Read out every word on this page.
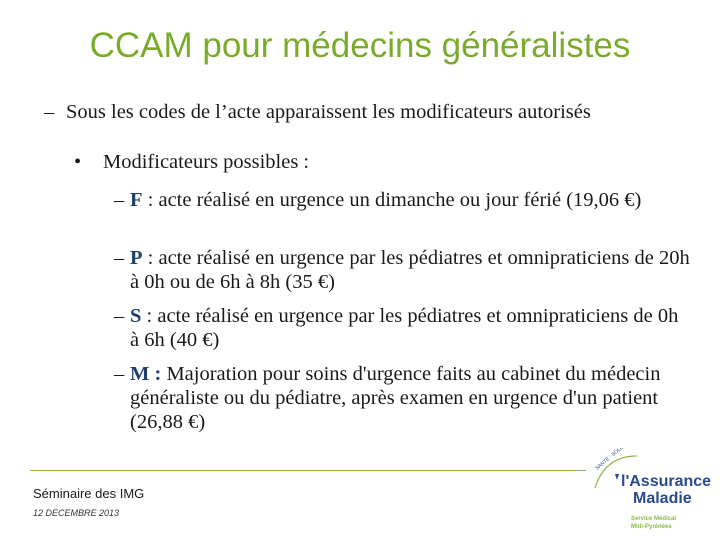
CCAM pour médecins généralistes
– Sous les codes de l’acte apparaissent les modificateurs autorisés
• Modificateurs possibles :
– F : acte réalisé en urgence un dimanche ou jour férié (19,06 €)
– P : acte réalisé en urgence par les pédiatres et omnipraticiens de 20h à 0h ou de 6h à 8h (35 €)
– S : acte réalisé en urgence par les pédiatres et omnipraticiens de 0h à 6h (40 €)
– M : Majoration pour soins d'urgence faits au cabinet du médecin généraliste ou du pédiatre, après examen en urgence d'un patient (26,88 €)
Séminaire des IMG
12 DECEMBRE 2013
SANTÉ · SOLIDARITÉ
l'Assurance
Maladie
Service Médical
Midi-Pyrénées
